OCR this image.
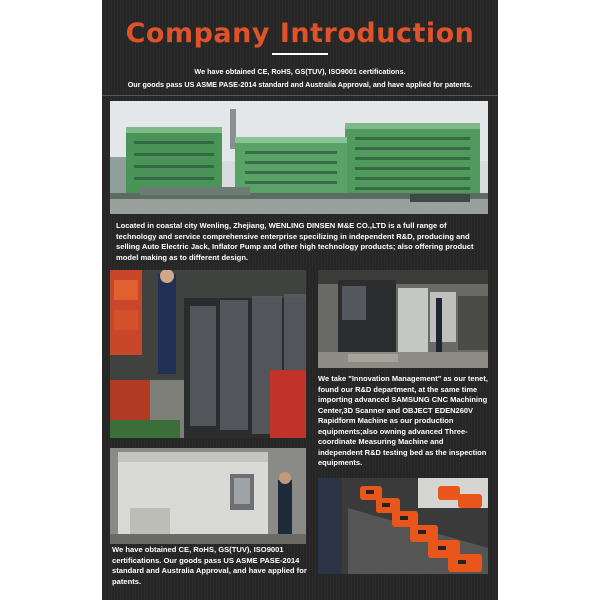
Company Introduction
We have obtained CE, RoHS, GS(TUV), ISO9001 certifications.
Our goods pass US ASME PASE-2014 standard and Australia Approval, and have applied for patents.

Located in coastal city Wenling, Zhejiang, WENLING DINSEN M&E CO.,LTD is a full range of technology and service comprehensive enterprise specilizing in independent R&D, producing and selling Auto Electric Jack, Inflator Pump and other high technology products; also offering product model making as to different design.

We take "Innovation Management" as our tenet, found our R&D department, at the same time importing advanced SAMSUNG CNC Machining Center,3D Scanner and OBJECT EDEN260V Rapidform Machine as our production equipments;also owning advanced Three-coordinate Measuring Machine and independent R&D testing bed as the inspection equipments.

We have obtained CE, RoHS, GS(TUV), ISO9001 certifications. Our goods pass US ASME PASE-2014 standard and Australia Approval, and have applied for patents.
